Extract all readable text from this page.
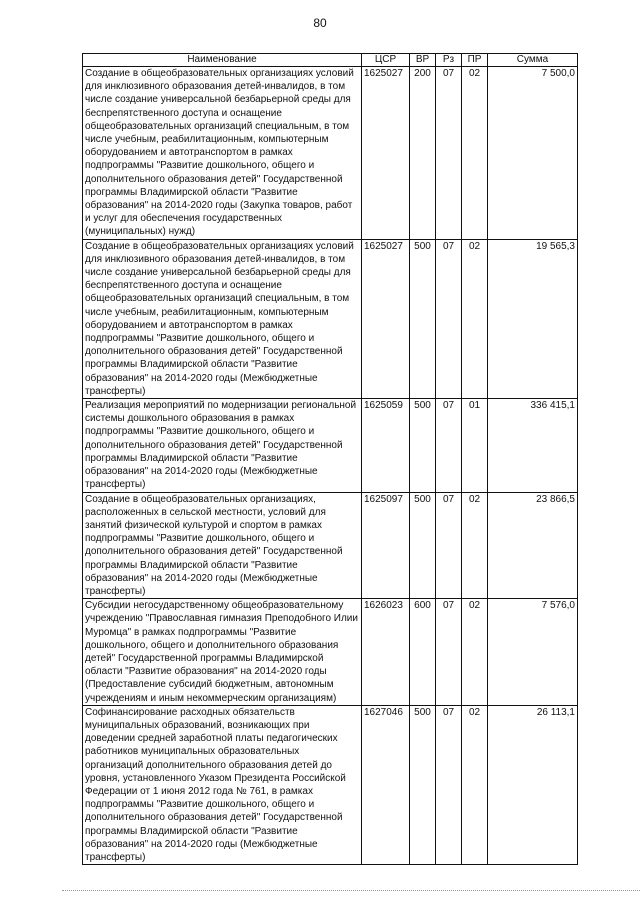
80
Наименование	ЦСР	ВР	Рз	ПР	Сумма
Создание в общеобразовательных организациях условий для инклюзивного образования детей-инвалидов, в том числе создание универсальной безбарьерной среды для беспрепятственного доступа и оснащение общеобразовательных организаций специальным, в том числе учебным, реабилитационным, компьютерным оборудованием и автотранспортом в рамках подпрограммы "Развитие дошкольного, общего и дополнительного образования детей" Государственной программы Владимирской области "Развитие образования" на 2014-2020 годы (Закупка товаров, работ и услуг для обеспечения государственных (муниципальных) нужд)	1625027	200	07	02	7 500,0
Создание в общеобразовательных организациях условий для инклюзивного образования детей-инвалидов, в том числе создание универсальной безбарьерной среды для беспрепятственного доступа и оснащение общеобразовательных организаций специальным, в том числе учебным, реабилитационным, компьютерным оборудованием и автотранспортом в рамках подпрограммы "Развитие дошкольного, общего и дополнительного образования детей" Государственной программы Владимирской области "Развитие образования" на 2014-2020 годы (Межбюджетные трансферты)	1625027	500	07	02	19 565,3
Реализация мероприятий по модернизации региональной системы дошкольного образования в рамках подпрограммы "Развитие дошкольного, общего и дополнительного образования детей" Государственной программы Владимирской области "Развитие образования" на 2014-2020 годы (Межбюджетные трансферты)	1625059	500	07	01	336 415,1
Создание в общеобразовательных организациях, расположенных в сельской местности, условий для занятий физической культурой и спортом в рамках подпрограммы "Развитие дошкольного, общего и дополнительного образования детей" Государственной программы Владимирской области "Развитие образования" на 2014-2020 годы (Межбюджетные трансферты)	1625097	500	07	02	23 866,5
Субсидии негосударственному общеобразовательному учреждению "Православная гимназия Преподобного Илии Муромца" в рамках подпрограммы "Развитие дошкольного, общего и дополнительного образования детей" Государственной программы Владимирской области "Развитие образования" на 2014-2020 годы (Предоставление субсидий бюджетным, автономным учреждениям и иным некоммерческим организациям)	1626023	600	07	02	7 576,0
Софинансирование расходных обязательств муниципальных образований, возникающих при доведении средней заработной платы педагогических работников муниципальных образовательных организаций дополнительного образования детей до уровня, установленного Указом Президента Российской Федерации от 1 июня 2012 года № 761, в рамках подпрограммы "Развитие дошкольного, общего и дополнительного образования детей" Государственной программы Владимирской области "Развитие образования" на 2014-2020 годы (Межбюджетные трансферты)	1627046	500	07	02	26 113,1
